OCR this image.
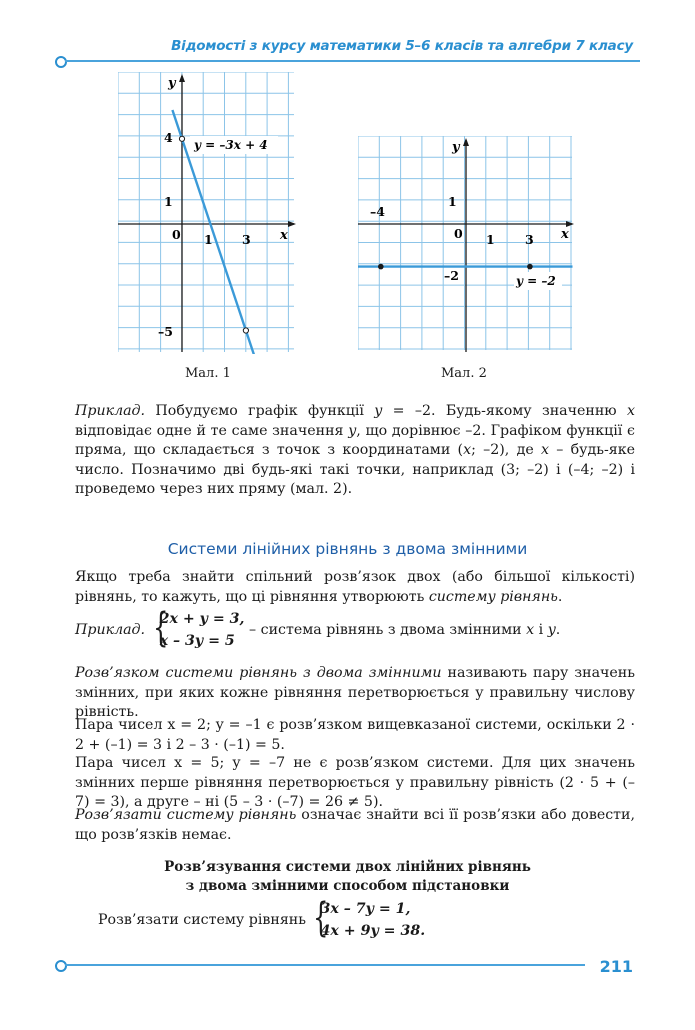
Відомості з курсу математики 5–6 класів та алгебри 7 класу
y
x
4
1
0 1 3
–5
y = –3x + 4
Мал. 1
y
x
–4
1
0 1 3
–2	y = –2
Мал. 2

Приклад. Побудуємо графік функції y = –2. Будь-якому значенню x відповідає одне й те саме значення y, що дорівнює –2. Графіком функції є пряма, що складається з точок з координатами (x; –2), де x – будь-яке число. Позначимо дві будь-які такі точки, наприклад (3; –2) і (–4; –2) і проведемо через них пряму (мал. 2).

Системи лінійних рівнянь з двома змінними

Якщо треба знайти спільний розв’язок двох (або більшої кількості) рівнянь, то кажуть, що ці рівняння утворюють систему рівнянь.

Приклад. {
2x + y = 3,
x – 3y = 5
– система рівнянь з двома змінними x і y.

Розв’язком системи рівнянь з двома змінними називають пару значень змінних, при яких кожне рівняння перетворюється у правильну числову рівність.

Пара чисел x = 2; y = –1 є розв’язком вищевказаної системи, оскільки 2 · 2 + (–1) = 3 і 2 – 3 · (–1) = 5.

Пара чисел x = 5; y = –7 не є розв’язком системи. Для цих значень змінних перше рівняння перетворюється у правильну рівність (2 · 5 + (–7) = 3), а друге – ні (5 – 3 · (–7) = 26 ≠ 5).

Розв’язати систему рівнянь означає знайти всі її розв’язки або довести, що розв’язків немає.

Розв’язування системи двох лінійних рівнянь
з двома змінними способом підстановки
Розв’язати систему рівнянь {
3x – 7y = 1,
4x + 9y = 38.
211
